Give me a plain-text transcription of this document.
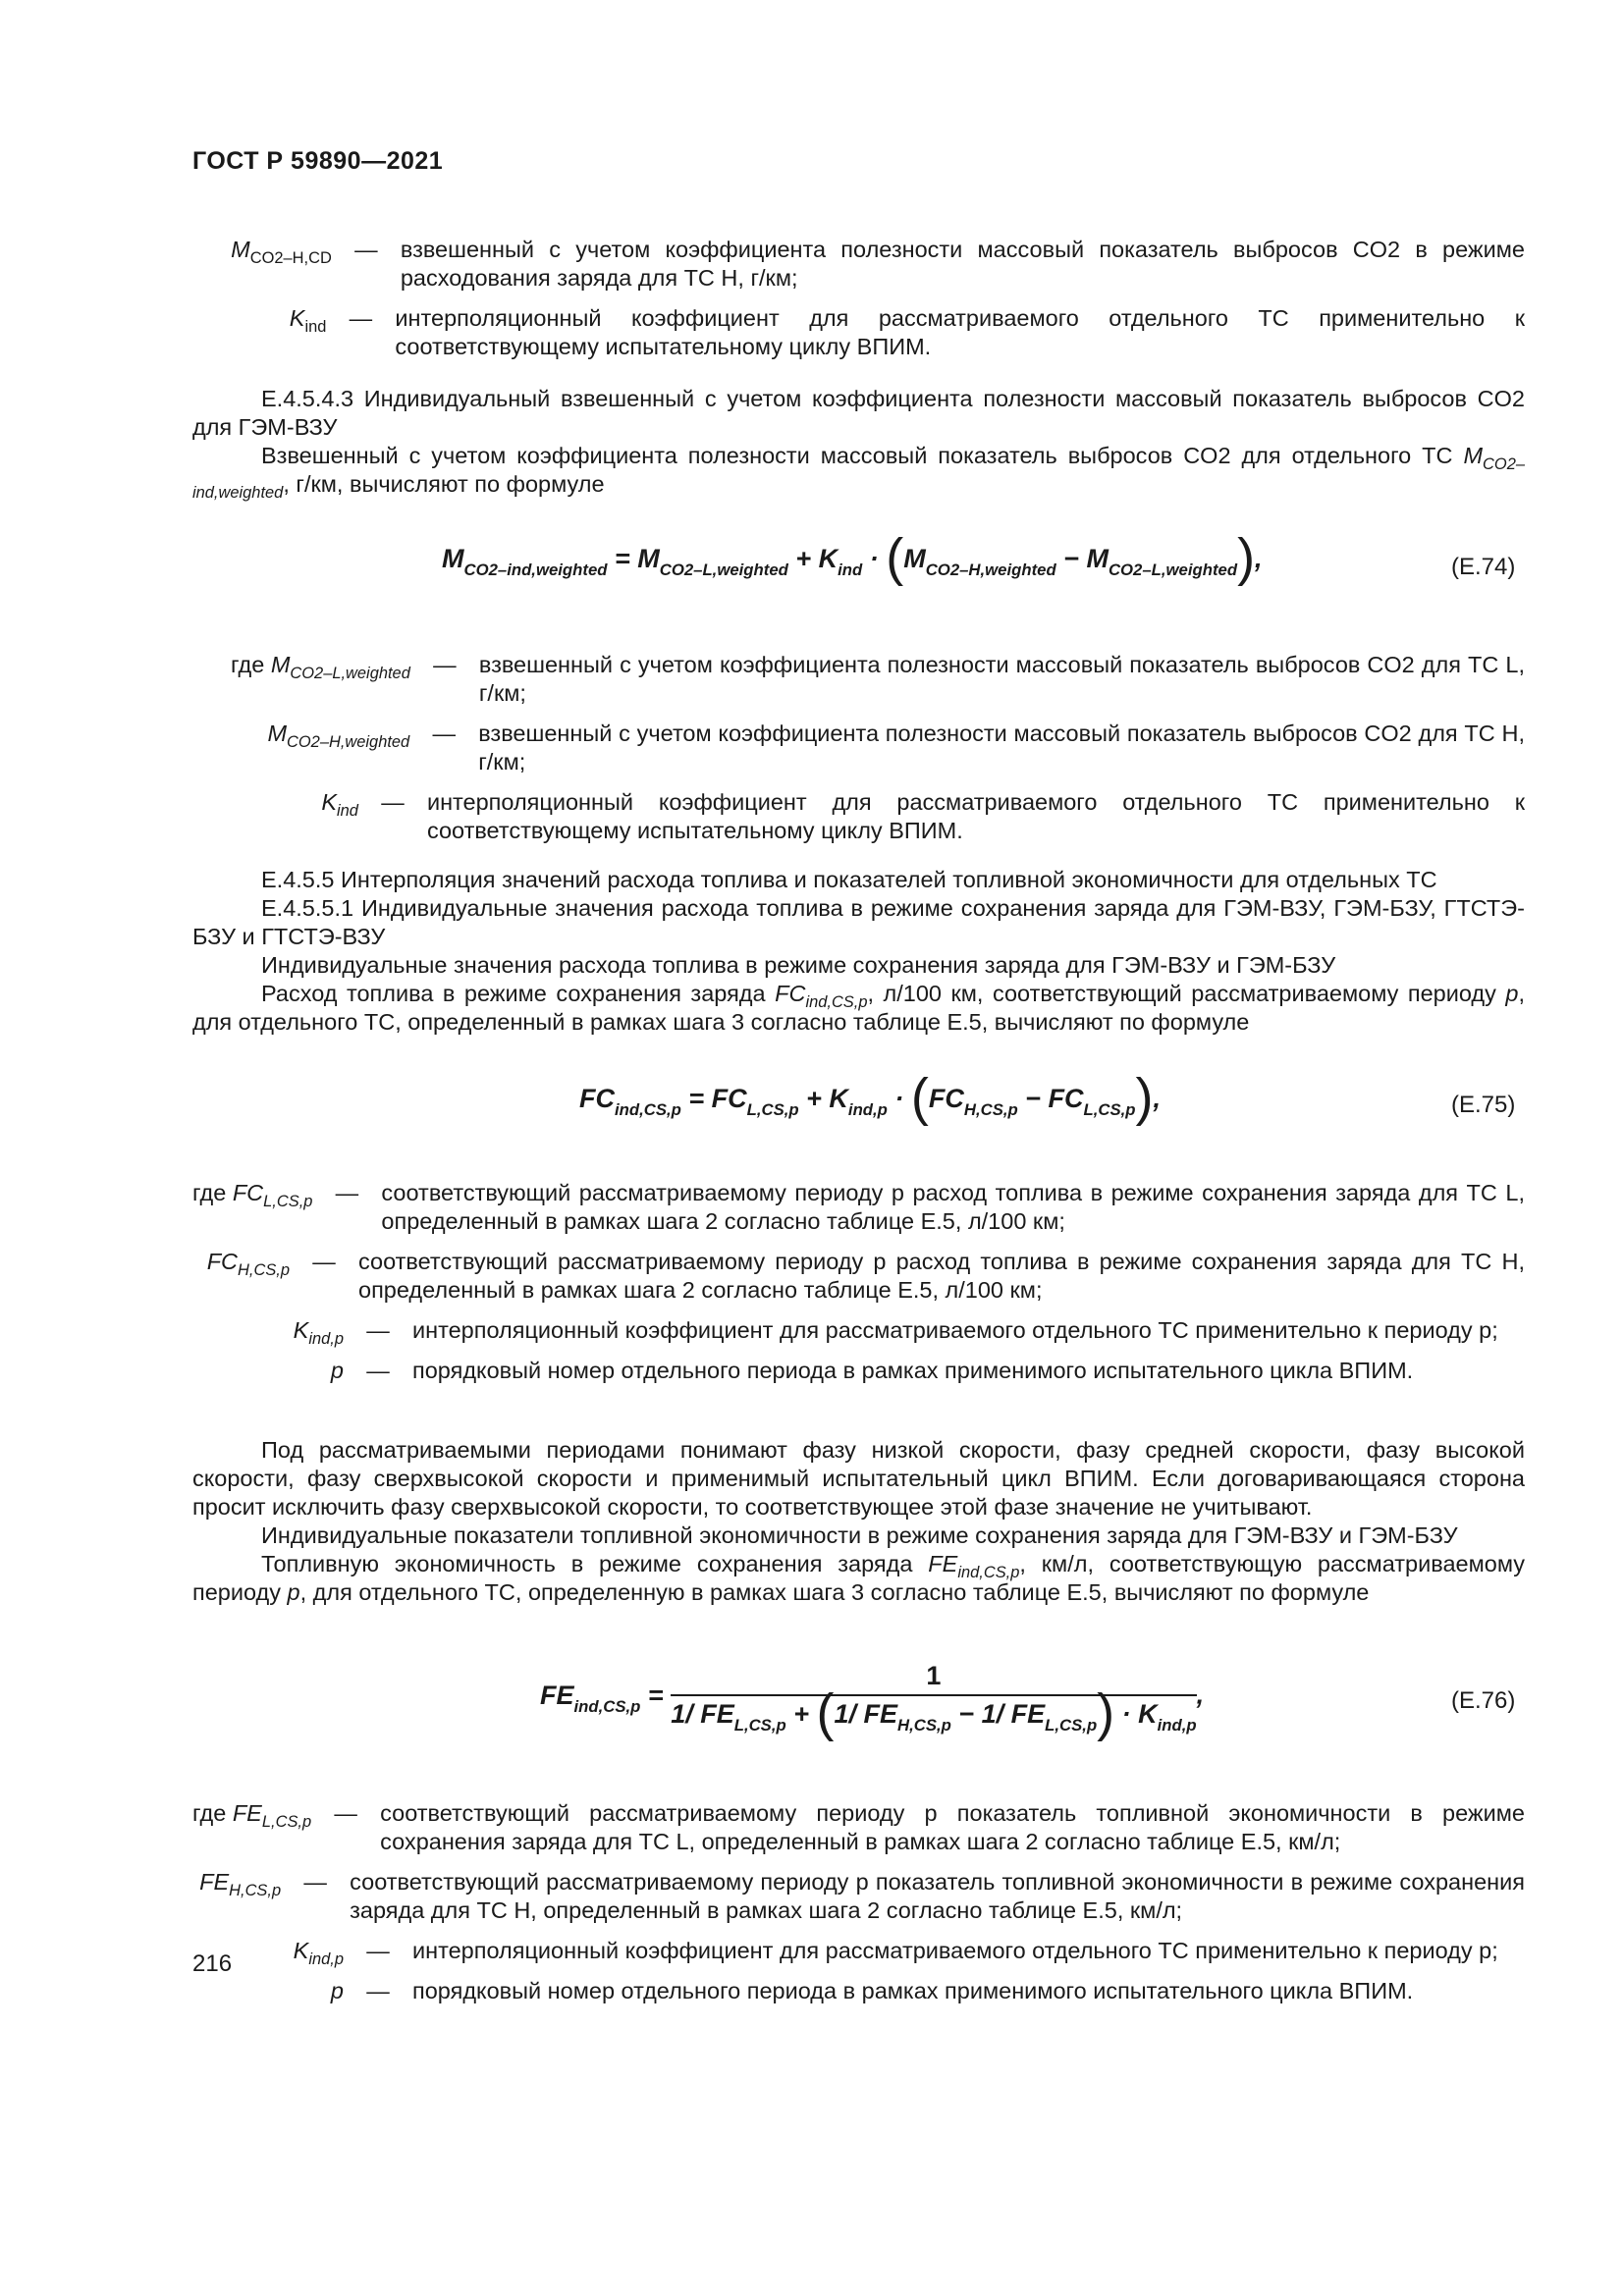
ГОСТ Р 59890—2021
$M_{CO2-H,CD}$ — взвешенный с учетом коэффициента полезности массовый показатель выбросов CO2 в режиме расходования заряда для ТС H, г/км;
$K_{ind}$ — интерполяционный коэффициент для рассматриваемого отдельного ТС применительно к соответствующему испытательному циклу ВПИМ.

Е.4.5.4.3 Индивидуальный взвешенный с учетом коэффициента полезности массовый показатель выбросов CO2 для ГЭМ-ВЗУ

Взвешенный с учетом коэффициента полезности массовый показатель выбросов CO2 для отдельного ТС $M_{CO2-ind,weighted}$, г/км, вычисляют по формуле

$M_{CO2-ind,weighted} = M_{CO2-L,weighted} + K_{ind} \cdot (M_{CO2-H,weighted} - M_{CO2-L,weighted})$,	(Е.74)
где $M_{CO2-L,weighted}$ — взвешенный с учетом коэффициента полезности массовый показатель выбросов CO2 для ТС L, г/км;
$M_{CO2-H,weighted}$ — взвешенный с учетом коэффициента полезности массовый показатель выбросов CO2 для ТС H, г/км;
$K_{ind}$ — интерполяционный коэффициент для рассматриваемого отдельного ТС применительно к соответствующему испытательному циклу ВПИМ.

Е.4.5.5 Интерполяция значений расхода топлива и показателей топливной экономичности для отдельных ТС

Е.4.5.5.1 Индивидуальные значения расхода топлива в режиме сохранения заряда для ГЭМ-ВЗУ, ГЭМ-БЗУ, ГТСТЭ-БЗУ и ГТСТЭ-ВЗУ

Индивидуальные значения расхода топлива в режиме сохранения заряда для ГЭМ-ВЗУ и ГЭМ-БЗУ

Расход топлива в режиме сохранения заряда $FC_{ind,CS,p}$, л/100 км, соответствующий рассматриваемому периоду p, для отдельного ТС, определенный в рамках шага 3 согласно таблице Е.5, вычисляют по формуле

$FC_{ind,CS,p} = FC_{L,CS,p} + K_{ind,p} \cdot (FC_{H,CS,p} - FC_{L,CS,p})$,	(Е.75)
где $FC_{L,CS,p}$ — соответствующий рассматриваемому периоду p расход топлива в режиме сохранения заряда для ТС L, определенный в рамках шага 2 согласно таблице Е.5, л/100 км;
$FC_{H,CS,p}$ — соответствующий рассматриваемому периоду p расход топлива в режиме сохранения заряда для ТС H, определенный в рамках шага 2 согласно таблице Е.5, л/100 км;
$K_{ind,p}$ — интерполяционный коэффициент для рассматриваемого отдельного ТС применительно к периоду p;
p — порядковый номер отдельного периода в рамках применимого испытательного цикла ВПИМ.

Под рассматриваемыми периодами понимают фазу низкой скорости, фазу средней скорости, фазу высокой скорости, фазу сверхвысокой скорости и применимый испытательный цикл ВПИМ. Если договаривающаяся сторона просит исключить фазу сверхвысокой скорости, то соответствующее этой фазе значение не учитывают.

Индивидуальные показатели топливной экономичности в режиме сохранения заряда для ГЭМ-ВЗУ и ГЭМ-БЗУ

Топливную экономичность в режиме сохранения заряда $FE_{ind,CS,p}$, км/л, соответствующую рассматриваемому периоду p, для отдельного ТС, определенную в рамках шага 3 согласно таблице Е.5, вычисляют по формуле

$FE_{ind,CS,p} = \frac{1}{1/ FE_{L,CS,p} + (1/ FE_{H,CS,p} - 1/ FE_{L,CS,p}) \cdot K_{ind,p}}$ ,	(Е.76)
где $FE_{L,CS,p}$ — соответствующий рассматриваемому периоду p показатель топливной экономичности в режиме сохранения заряда для ТС L, определенный в рамках шага 2 согласно таблице Е.5, км/л;
$FE_{H,CS,p}$ — соответствующий рассматриваемому периоду p показатель топливной экономичности в режиме сохранения заряда для ТС H, определенный в рамках шага 2 согласно таблице Е.5, км/л;
$K_{ind,p}$ — интерполяционный коэффициент для рассматриваемого отдельного ТС применительно к периоду p;
p — порядковый номер отдельного периода в рамках применимого испытательного цикла ВПИМ.
216
